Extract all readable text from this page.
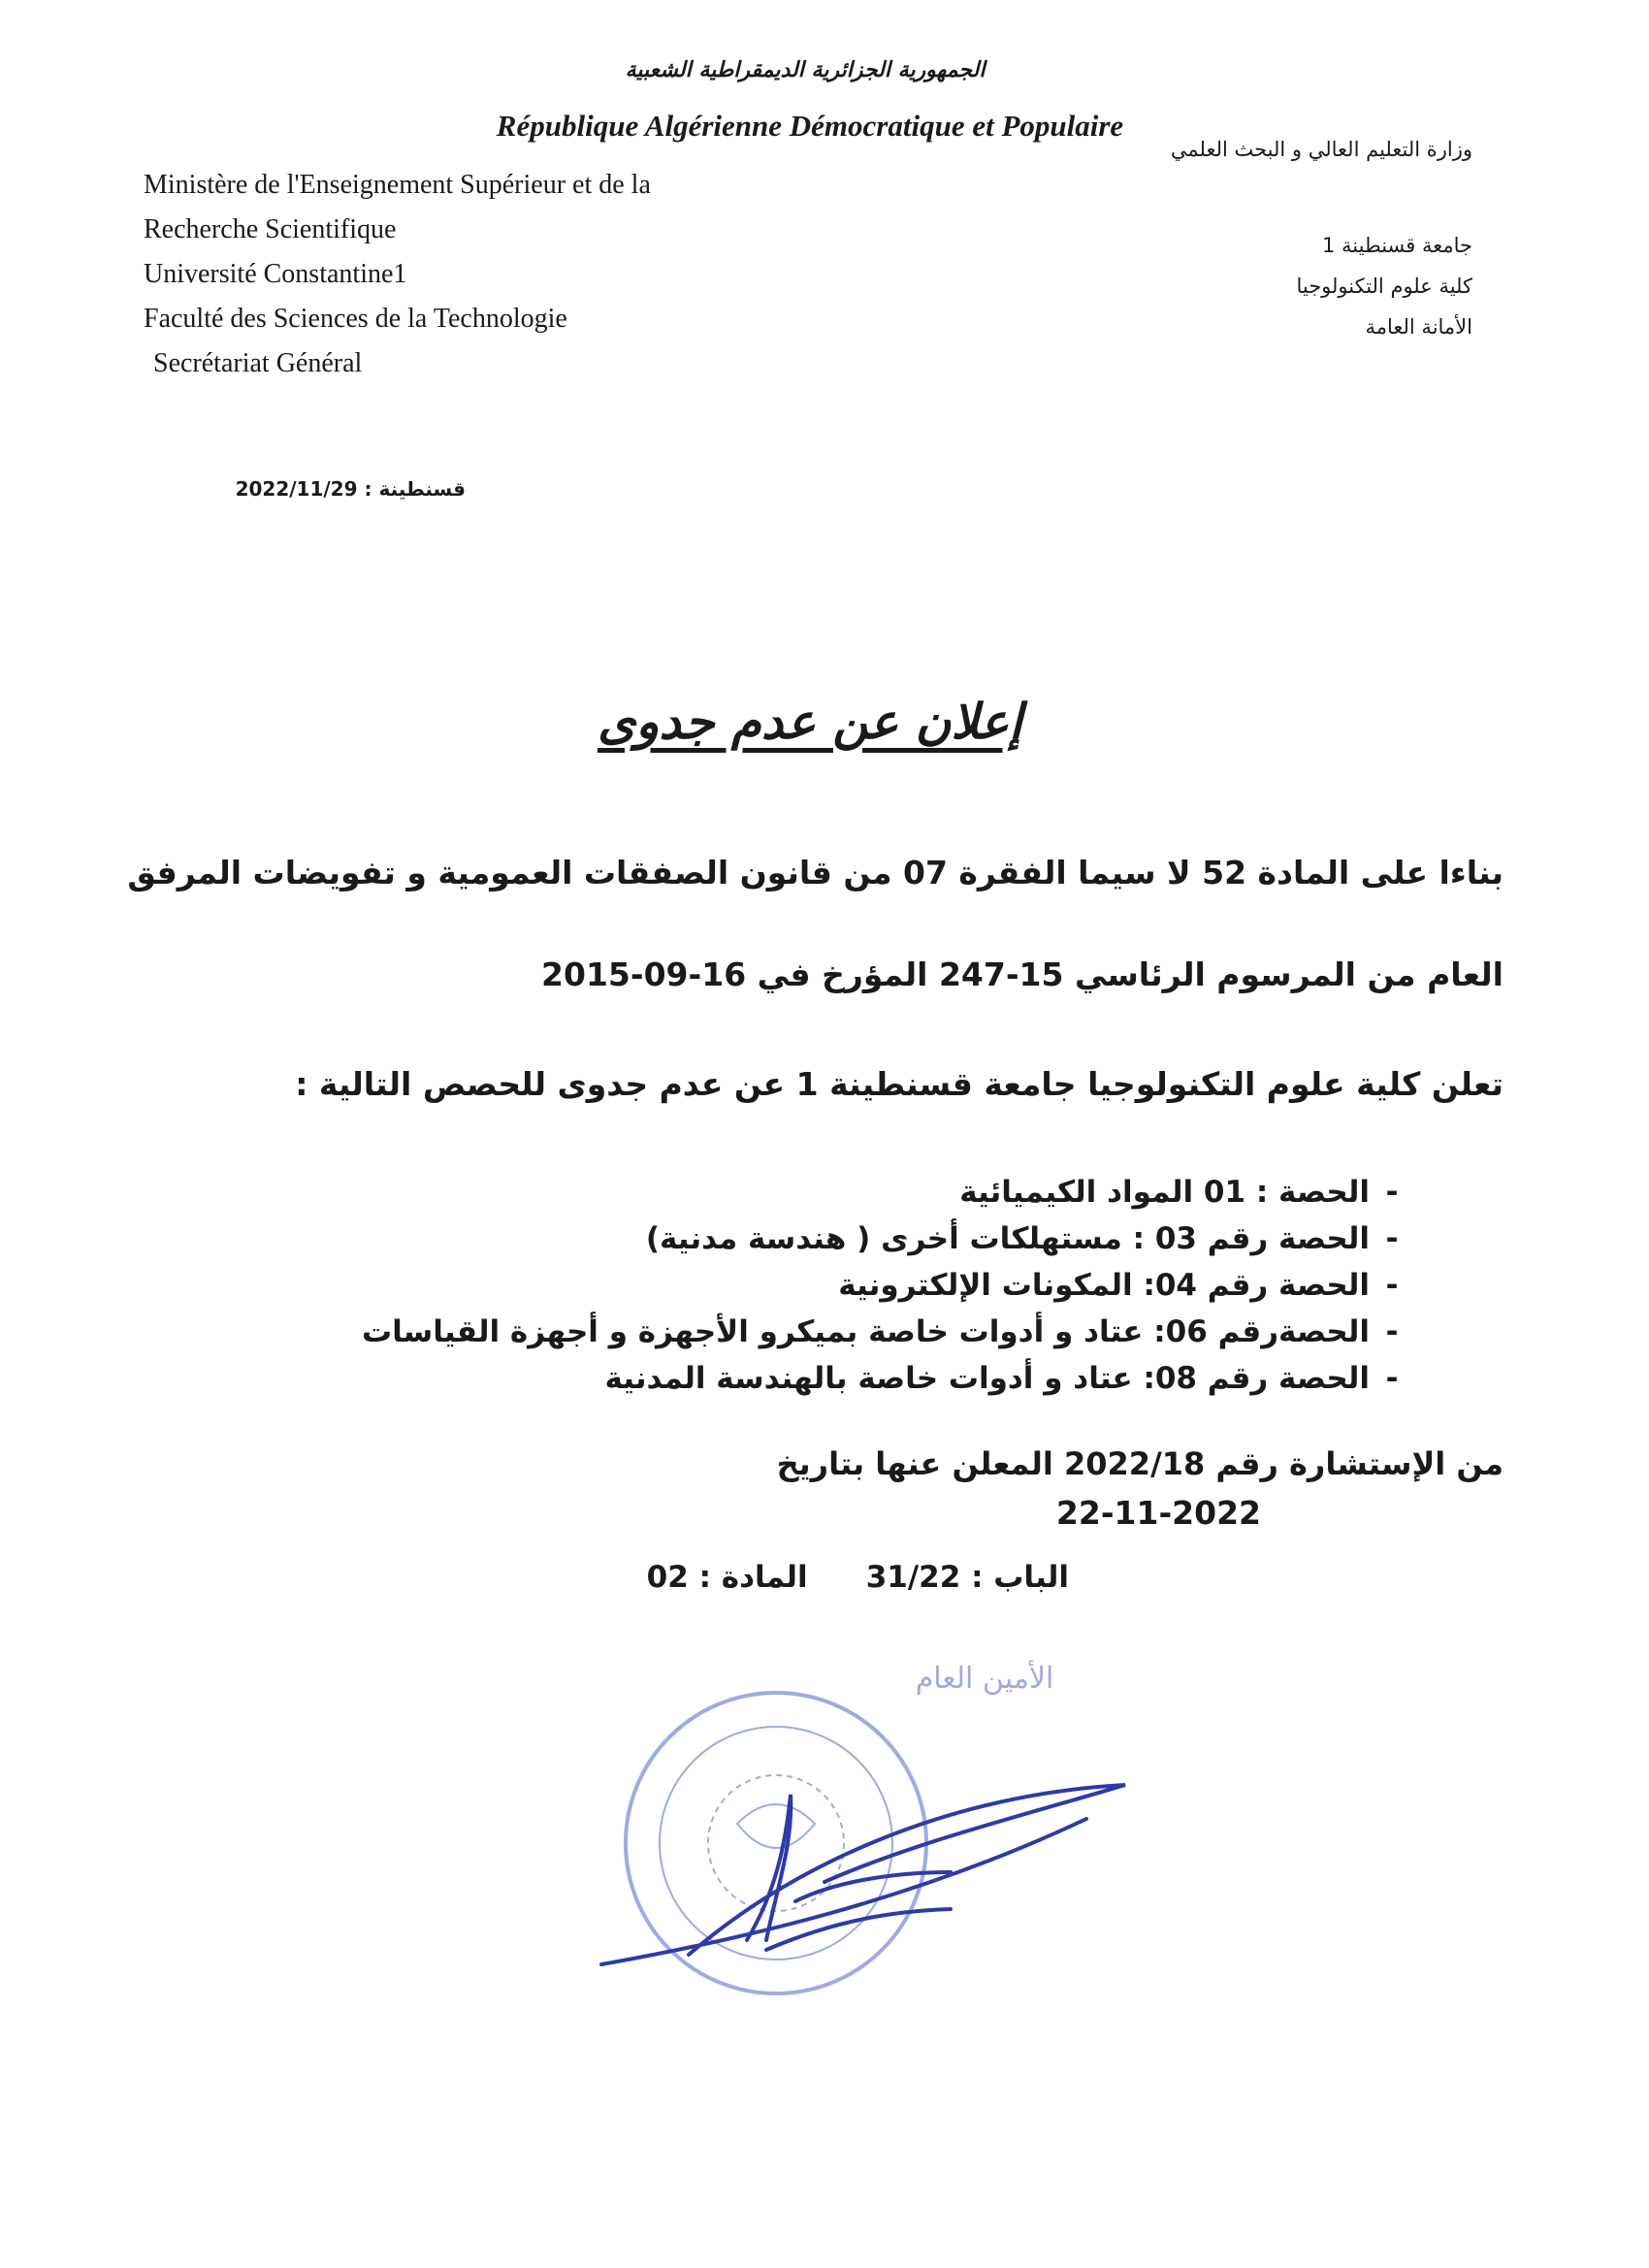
الجمهورية الجزائرية الديمقراطية الشعبية
République Algérienne Démocratique et Populaire
وزارة التعليم العالي و البحث العلمي
Ministère de l'Enseignement Supérieur et de la
Recherche Scientifique
Université Constantine1
Faculté des Sciences de la Technologie
Secrétariat Général
جامعة قسنطينة 1
كلية علوم التكنولوجيا
الأمانة العامة
قسنطينة : 2022/11/29
إعلان عن عدم جدوى
بناءا على المادة 52 لا سيما الفقرة 07 من قانون الصفقات العمومية و تفويضات المرفق
العام من المرسوم الرئاسي 15-247 المؤرخ في 16-09-2015
تعلن كلية علوم التكنولوجيا جامعة قسنطينة 1 عن عدم جدوى للحصص التالية :
-الحصة : 01 المواد الكيميائية
-الحصة رقم 03 : مستهلكات أخرى ( هندسة مدنية)
-الحصة رقم 04: المكونات الإلكترونية
-الحصةرقم 06: عتاد و أدوات خاصة بميكرو الأجهزة و أجهزة القياسات
-الحصة رقم 08: عتاد و أدوات خاصة بالهندسة المدنية
من الإستشارة رقم 2022/18 المعلن عنها بتاريخ
22-11-2022
الباب : 31/22المادة : 02
الأمين العام
